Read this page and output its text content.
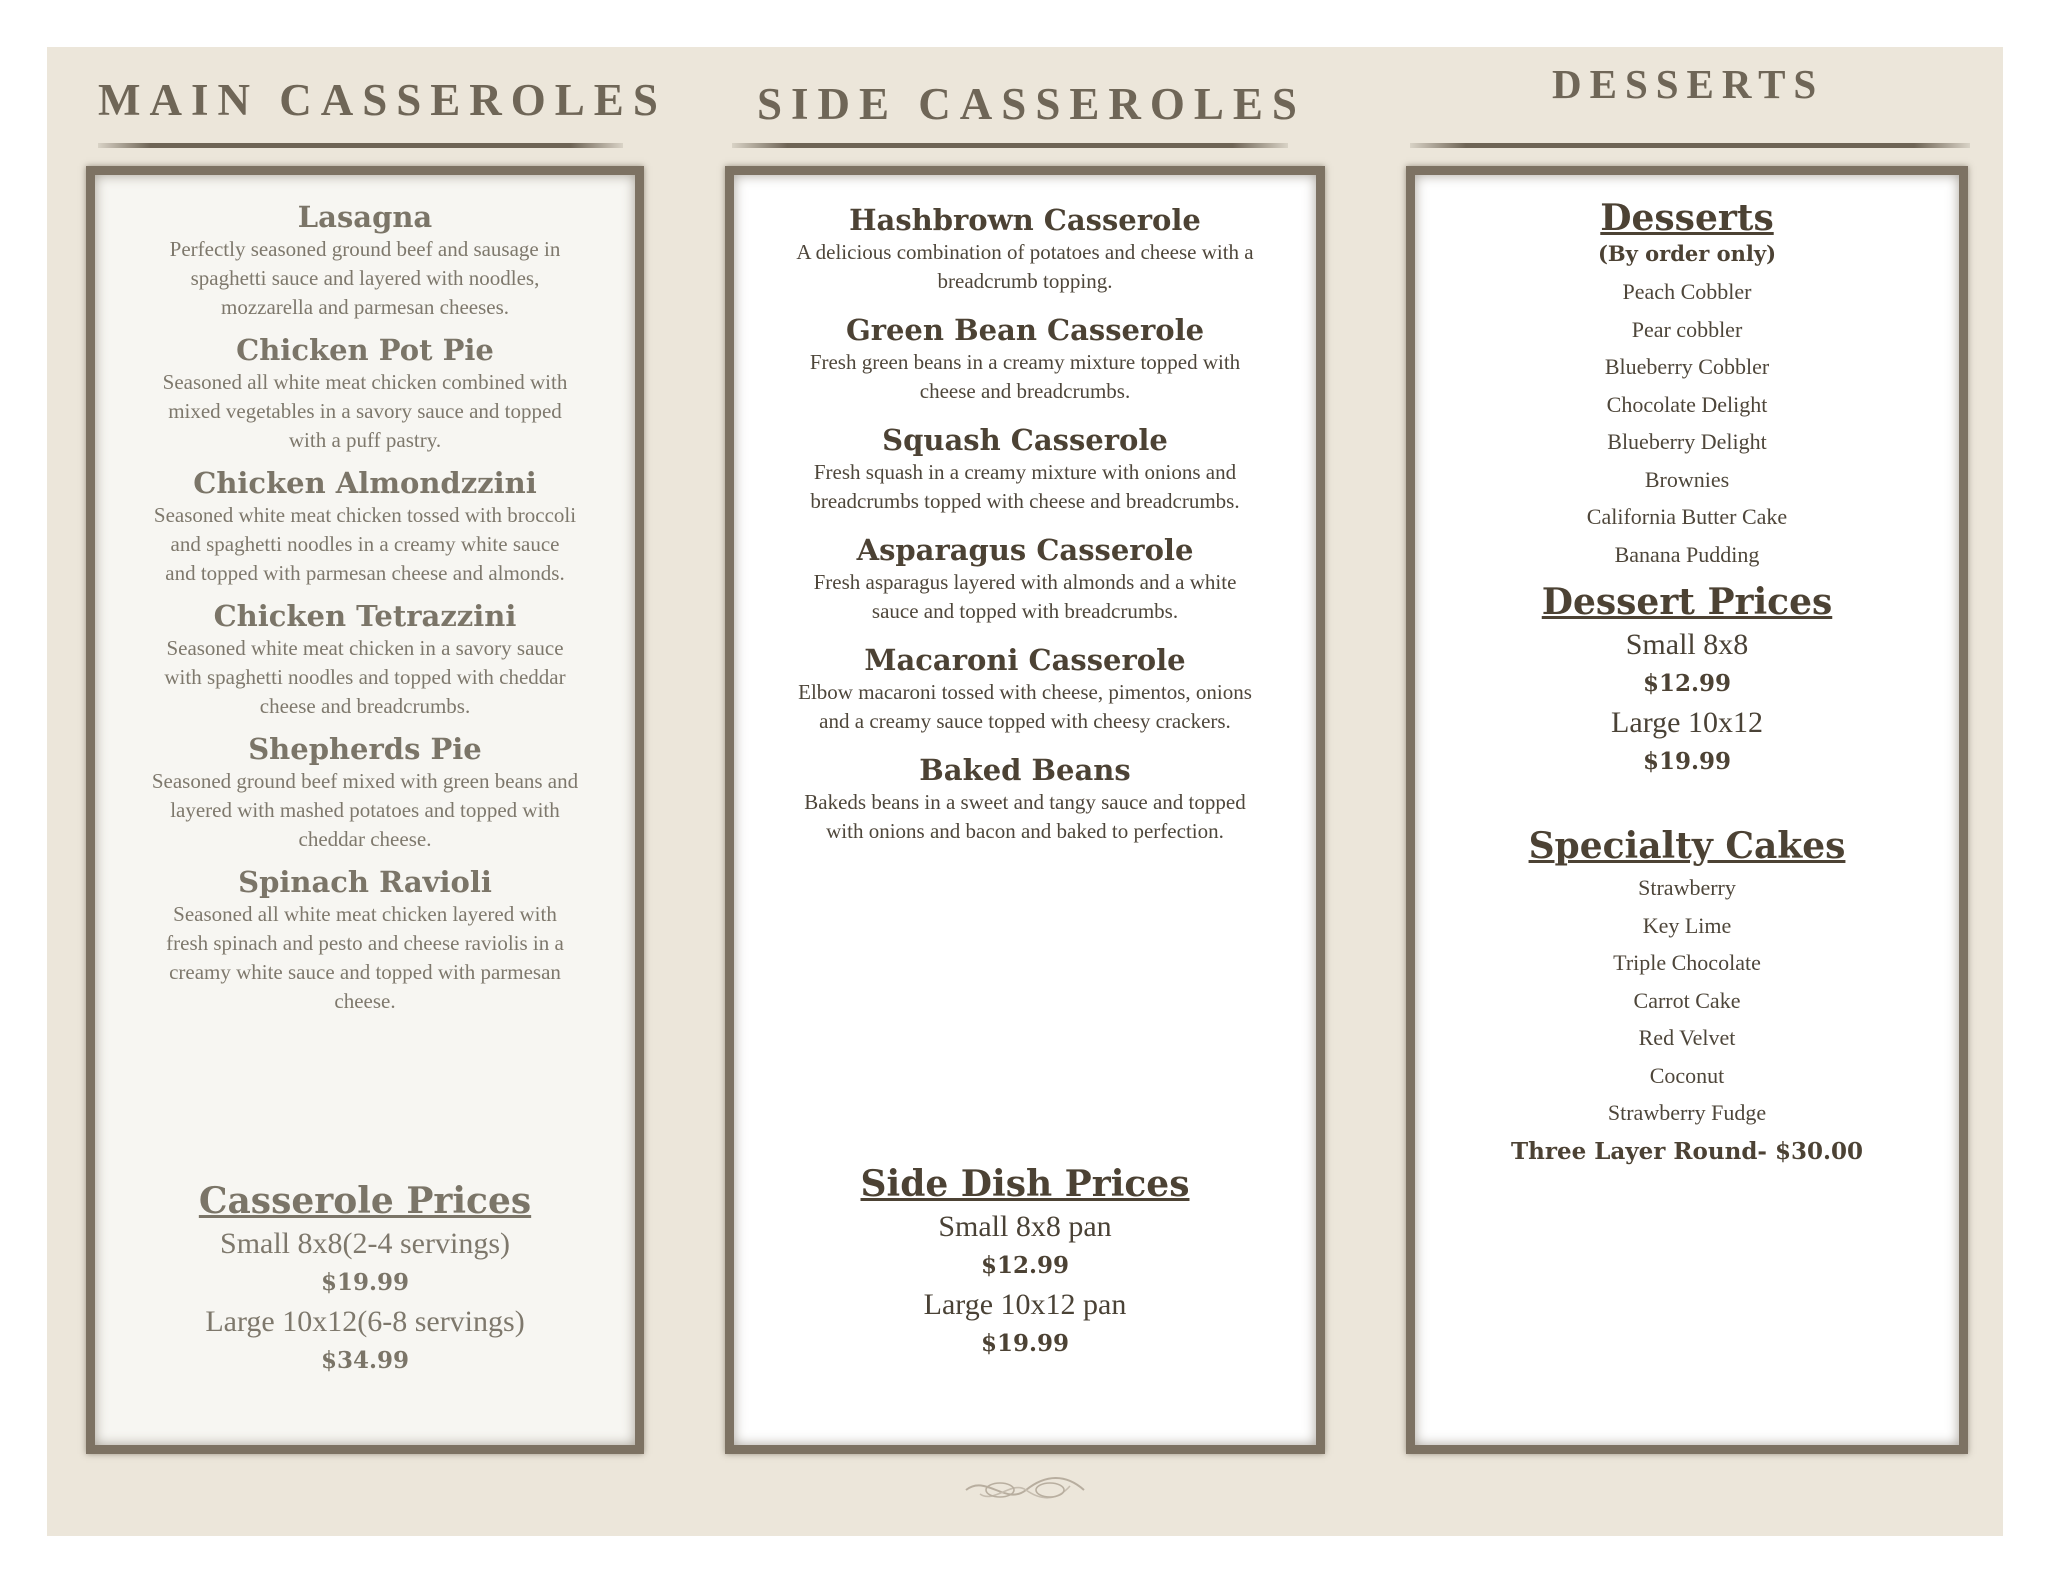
MAIN CASSEROLES SIDE CASSEROLES	DESSERTS

Lasagna

Perfectly seasoned ground beef and sausage in
spaghetti sauce and layered with noodles,
mozzarella and parmesan cheeses.

Chicken Pot Pie

Seasoned all white meat chicken combined with
mixed vegetables in a savory sauce and topped
with a puff pastry.

Chicken Almondzzini

Seasoned white meat chicken tossed with broccoli
and spaghetti noodles in a creamy white sauce
and topped with parmesan cheese and almonds.

Chicken Tetrazzini

Seasoned white meat chicken in a savory sauce
with spaghetti noodles and topped with cheddar
cheese and breadcrumbs.

Shepherds Pie

Seasoned ground beef mixed with green beans and
layered with mashed potatoes and topped with
cheddar cheese.

Spinach Ravioli

Seasoned all white meat chicken layered with
fresh spinach and pesto and cheese raviolis in a
creamy white sauce and topped with parmesan
cheese.

Casserole Prices

Small 8x8(2-4 servings)

$19.99

Large 10x12(6-8 servings)

$34.99

Hashbrown Casserole

A delicious combination of potatoes and cheese with a
breadcrumb topping.

Green Bean Casserole

Fresh green beans in a creamy mixture topped with
cheese and breadcrumbs.

Squash Casserole

Fresh squash in a creamy mixture with onions and
breadcrumbs topped with cheese and breadcrumbs.

Asparagus Casserole

Fresh asparagus layered with almonds and a white
sauce and topped with breadcrumbs.

Macaroni Casserole

Elbow macaroni tossed with cheese, pimentos, onions
and a creamy sauce topped with cheesy crackers.

Baked Beans

Bakeds beans in a sweet and tangy sauce and topped
with onions and bacon and baked to perfection.

Side Dish Prices

Small 8x8 pan

$12.99

Large 10x12 pan

$19.99

Desserts

(By order only)

Peach Cobbler

Pear cobbler

Blueberry Cobbler

Chocolate Delight

Blueberry Delight

Brownies

California Butter Cake

Banana Pudding

Dessert Prices

Small 8x8

$12.99

Large 10x12

$19.99

Specialty Cakes

Strawberry

Key Lime

Triple Chocolate

Carrot Cake

Red Velvet

Coconut

Strawberry Fudge

Three Layer Round- $30.00
